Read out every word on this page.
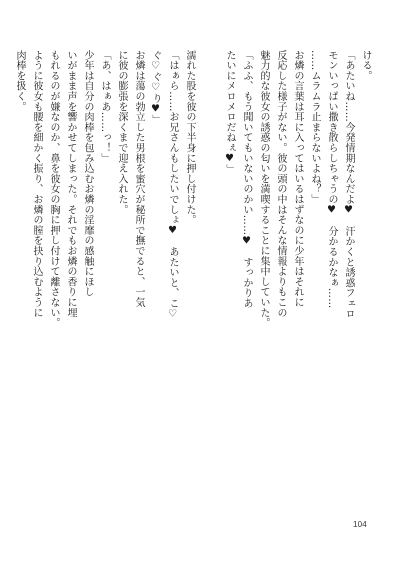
ける。
「あたいね……今発情期なんだよ♥　汗かくと誘惑フェロ
モンいっぱい撒き散らしちゃうの♥　分かるかなぁ……
……ムラムラ止まらないよね？」
お燐の言葉は耳に入ってはいるはずなのに少年はそれに
反応した様子がない。彼の頭の中はそんな情報よりもこの
魅力的な彼女の誘惑の匂いを満喫することに集中していた。
「ふふ、もう聞いてもいないのかい……♥　すっかりあ
たいにメロメロだねぇ♥」
濡れた股を彼の下半身に押し付けた。
「はぁら……お兄さんもしたいでしょ♥　あたいと、こ♡
ぐ♡ぐ♡り♥」
お燐は蕩の勃立した男根を蜜穴が秘所で撫でると、一気
に彼の膨張を深くまで迎え入れた。
「あ、はぁあ……っ！」
少年は自分の肉棒を包み込むお燐の淫靡の感触にほし
いがまま声を響かせてしまった。それでもお燐の香りに埋
もれるのが嫌なのか、鼻を彼女の胸に押し付けて離さない。
ように彼女も腰を細かく振り、お燐の膣を抉り込むように
肉棒を扱く。
104
